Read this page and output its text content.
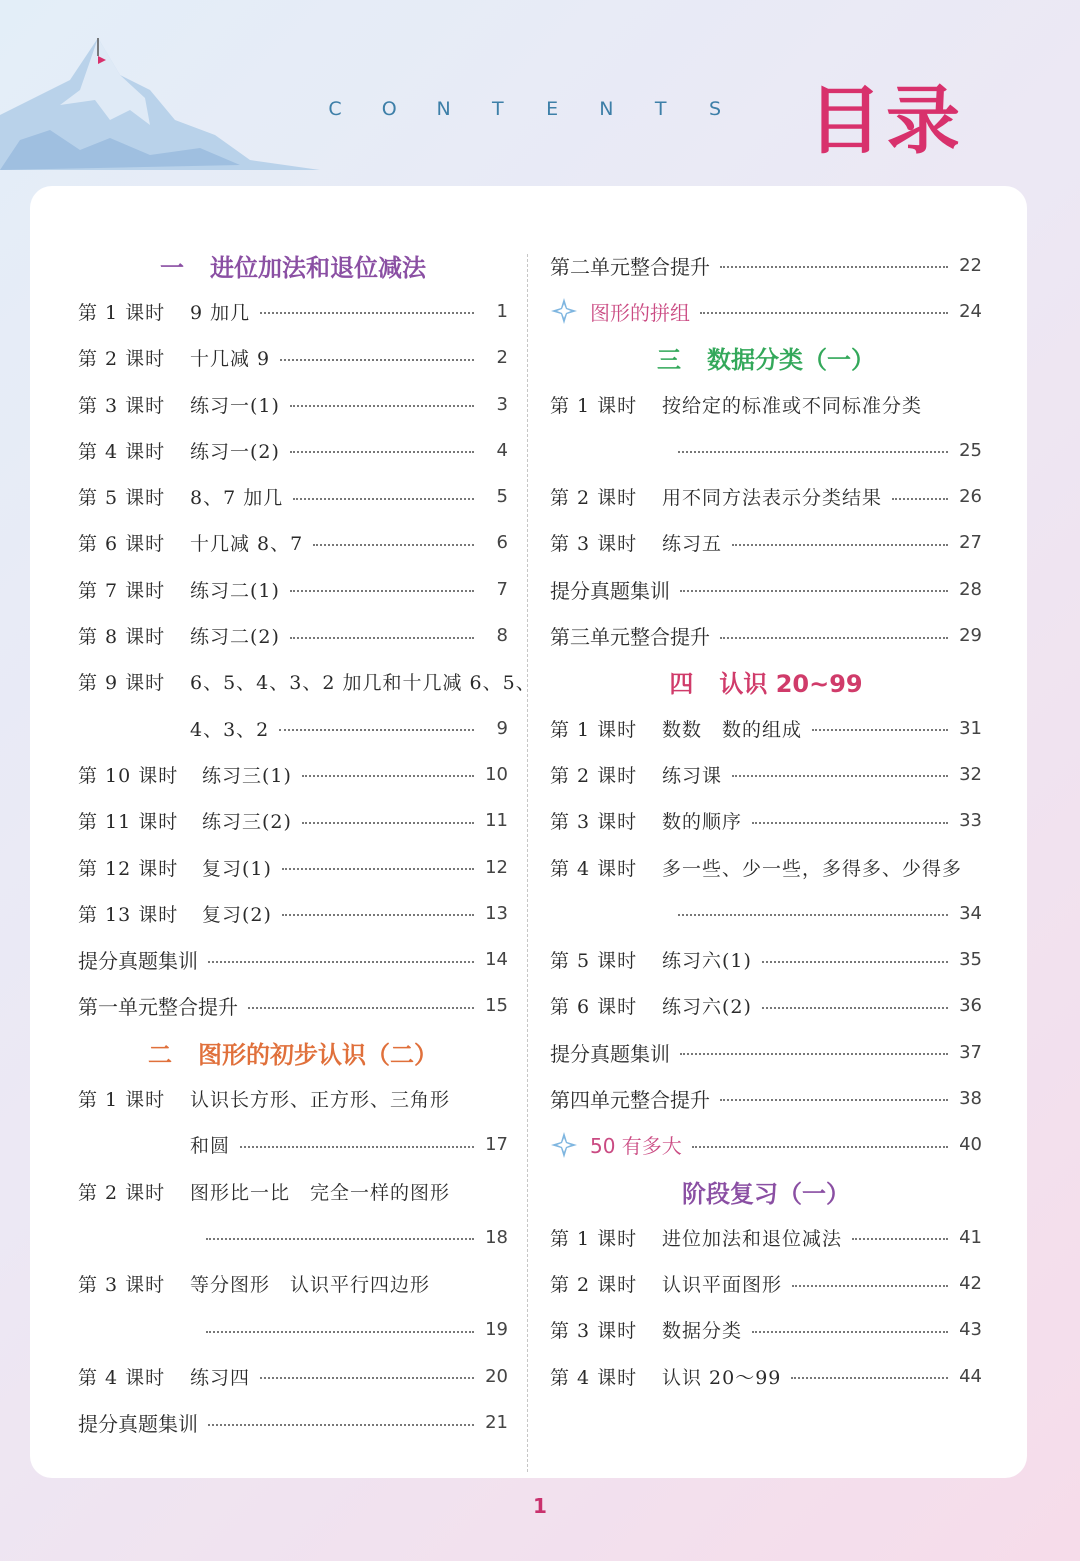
C O N T E N T S 目录
一 进位加法和退位减法
第 1 课时	9 加几	1
第 2 课时	十几减 9	2
第 3 课时	练习一(1)	3
第 4 课时	练习一(2)	4
第 5 课时	8、7 加几	5
第 6 课时	十几减 8、7	6
第 7 课时	练习二(1)	7
第 8 课时	练习二(2)	8
第 9 课时	6、5、4、3、2 加几和十几减 6、5、
4、3、2	9
第 10 课时	练习三(1)	10
第 11 课时	练习三(2)	11
第 12 课时	复习(1)	12
第 13 课时	复习(2)	13
提分真题集训	14
第一单元整合提升	15
二 图形的初步认识（二）
第 1 课时	认识长方形、正方形、三角形
和圆	17
第 2 课时	图形比一比　完全一样的图形
18
第 3 课时	等分图形　认识平行四边形
19
第 4 课时	练习四	20
提分真题集训	21
第二单元整合提升	22
图形的拼组	24
三 数据分类（一）
第 1 课时	按给定的标准或不同标准分类
25
第 2 课时	用不同方法表示分类结果	26
第 3 课时	练习五	27
提分真题集训	28
第三单元整合提升	29
四 认识 20~99
第 1 课时	数数　数的组成	31
第 2 课时	练习课	32
第 3 课时	数的顺序	33
第 4 课时	多一些、少一些，多得多、少得多
34
第 5 课时	练习六(1)	35
第 6 课时	练习六(2)	36
提分真题集训	37
第四单元整合提升	38
50 有多大	40
阶段复习（一）
第 1 课时	进位加法和退位减法	41
第 2 课时	认识平面图形	42
第 3 课时	数据分类	43
第 4 课时	认识 20～99	44
1
